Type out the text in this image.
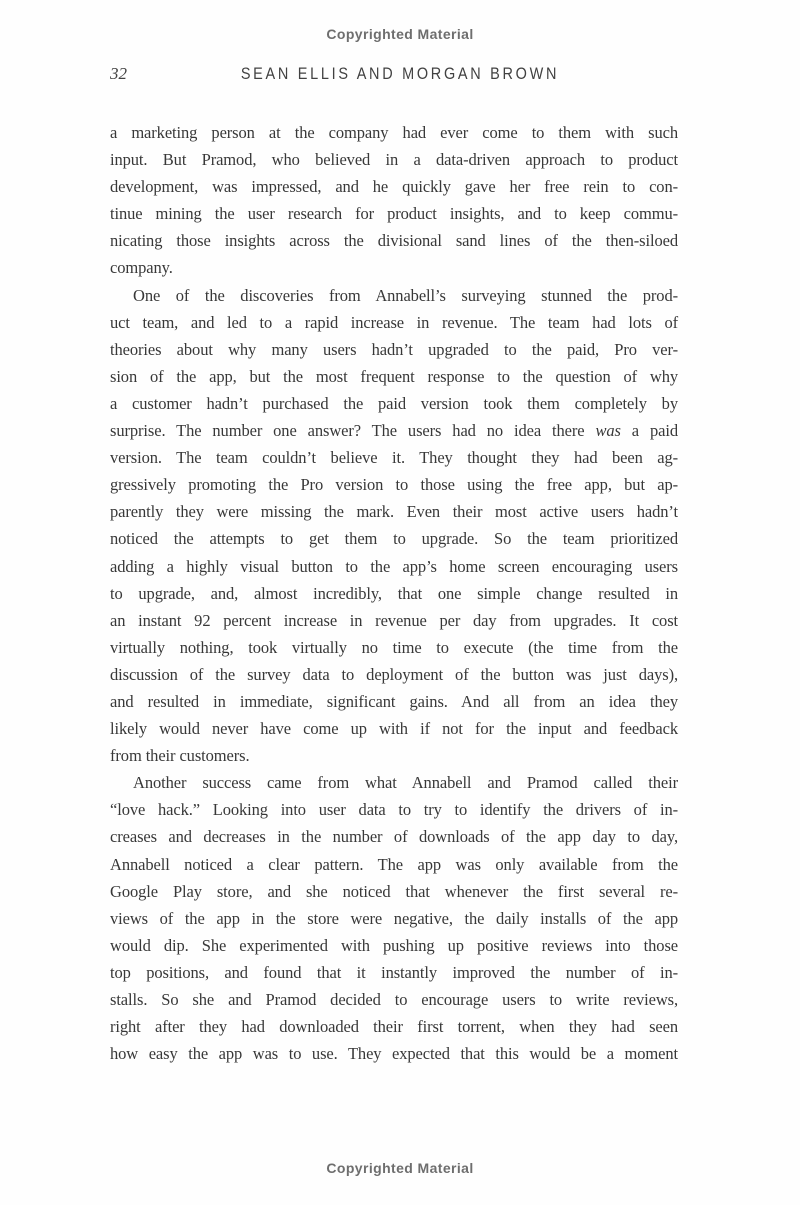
Copyrighted Material
32	SEAN ELLIS AND MORGAN BROWN
a marketing person at the company had ever come to them with such
input. But Pramod, who believed in a data-driven approach to product
development, was impressed, and he quickly gave her free rein to con-
tinue mining the user research for product insights, and to keep commu-
nicating those insights across the divisional sand lines of the then-siloed
company.
One of the discoveries from Annabell’s surveying stunned the prod-
uct team, and led to a rapid increase in revenue. The team had lots of
theories about why many users hadn’t upgraded to the paid, Pro ver-
sion of the app, but the most frequent response to the question of why
a customer hadn’t purchased the paid version took them completely by
surprise. The number one answer? The users had no idea there was a paid
version. The team couldn’t believe it. They thought they had been ag-
gressively promoting the Pro version to those using the free app, but ap-
parently they were missing the mark. Even their most active users hadn’t
noticed the attempts to get them to upgrade. So the team prioritized
adding a highly visual button to the app’s home screen encouraging users
to upgrade, and, almost incredibly, that one simple change resulted in
an instant 92 percent increase in revenue per day from upgrades. It cost
virtually nothing, took virtually no time to execute (the time from the
discussion of the survey data to deployment of the button was just days),
and resulted in immediate, significant gains. And all from an idea they
likely would never have come up with if not for the input and feedback
from their customers.
Another success came from what Annabell and Pramod called their
“love hack.” Looking into user data to try to identify the drivers of in-
creases and decreases in the number of downloads of the app day to day,
Annabell noticed a clear pattern. The app was only available from the
Google Play store, and she noticed that whenever the first several re-
views of the app in the store were negative, the daily installs of the app
would dip. She experimented with pushing up positive reviews into those
top positions, and found that it instantly improved the number of in-
stalls. So she and Pramod decided to encourage users to write reviews,
right after they had downloaded their first torrent, when they had seen
how easy the app was to use. They expected that this would be a moment
Copyrighted Material
